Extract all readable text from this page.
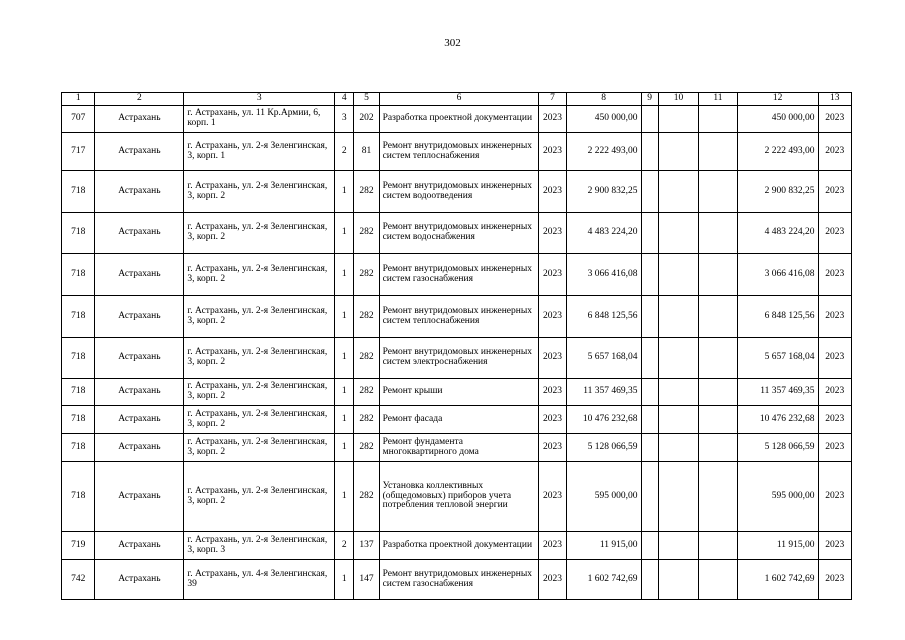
302
1	2	3	4	5	6	7	8	9	10	11	12	13
707	Астрахань	г. Астрахань, ул. 11 Кр.Армии, 6, корп. 1	3	202	Разработка проектной документации	2023	450 000,00				450 000,00	2023
717	Астрахань	г. Астрахань, ул. 2-я Зеленгинская, 3, корп. 1	2	81	Ремонт внутридомовых инженерных систем теплоснабжения	2023	2 222 493,00				2 222 493,00	2023
718	Астрахань	г. Астрахань, ул. 2-я Зеленгинская, 3, корп. 2	1	282	Ремонт внутридомовых инженерных систем водоотведения	2023	2 900 832,25				2 900 832,25	2023
718	Астрахань	г. Астрахань, ул. 2-я Зеленгинская, 3, корп. 2	1	282	Ремонт внутридомовых инженерных систем водоснабжения	2023	4 483 224,20				4 483 224,20	2023
718	Астрахань	г. Астрахань, ул. 2-я Зеленгинская, 3, корп. 2	1	282	Ремонт внутридомовых инженерных систем газоснабжения	2023	3 066 416,08				3 066 416,08	2023
718	Астрахань	г. Астрахань, ул. 2-я Зеленгинская, 3, корп. 2	1	282	Ремонт внутридомовых инженерных систем теплоснабжения	2023	6 848 125,56				6 848 125,56	2023
718	Астрахань	г. Астрахань, ул. 2-я Зеленгинская, 3, корп. 2	1	282	Ремонт внутридомовых инженерных систем электроснабжения	2023	5 657 168,04				5 657 168,04	2023
718	Астрахань	г. Астрахань, ул. 2-я Зеленгинская, 3, корп. 2	1	282	Ремонт крыши	2023	11 357 469,35				11 357 469,35	2023
718	Астрахань	г. Астрахань, ул. 2-я Зеленгинская, 3, корп. 2	1	282	Ремонт фасада	2023	10 476 232,68				10 476 232,68	2023
718	Астрахань	г. Астрахань, ул. 2-я Зеленгинская, 3, корп. 2	1	282	Ремонт фундамента многоквартирного дома	2023	5 128 066,59				5 128 066,59	2023
718	Астрахань	г. Астрахань, ул. 2-я Зеленгинская, 3, корп. 2	1	282	Установка коллективных (общедомовых) приборов учета потребления тепловой энергии	2023	595 000,00				595 000,00	2023
719	Астрахань	г. Астрахань, ул. 2-я Зеленгинская, 3, корп. 3	2	137	Разработка проектной документации	2023	11 915,00				11 915,00	2023
742	Астрахань	г. Астрахань, ул. 4-я Зеленгинская, 39	1	147	Ремонт внутридомовых инженерных систем газоснабжения	2023	1 602 742,69				1 602 742,69	2023
